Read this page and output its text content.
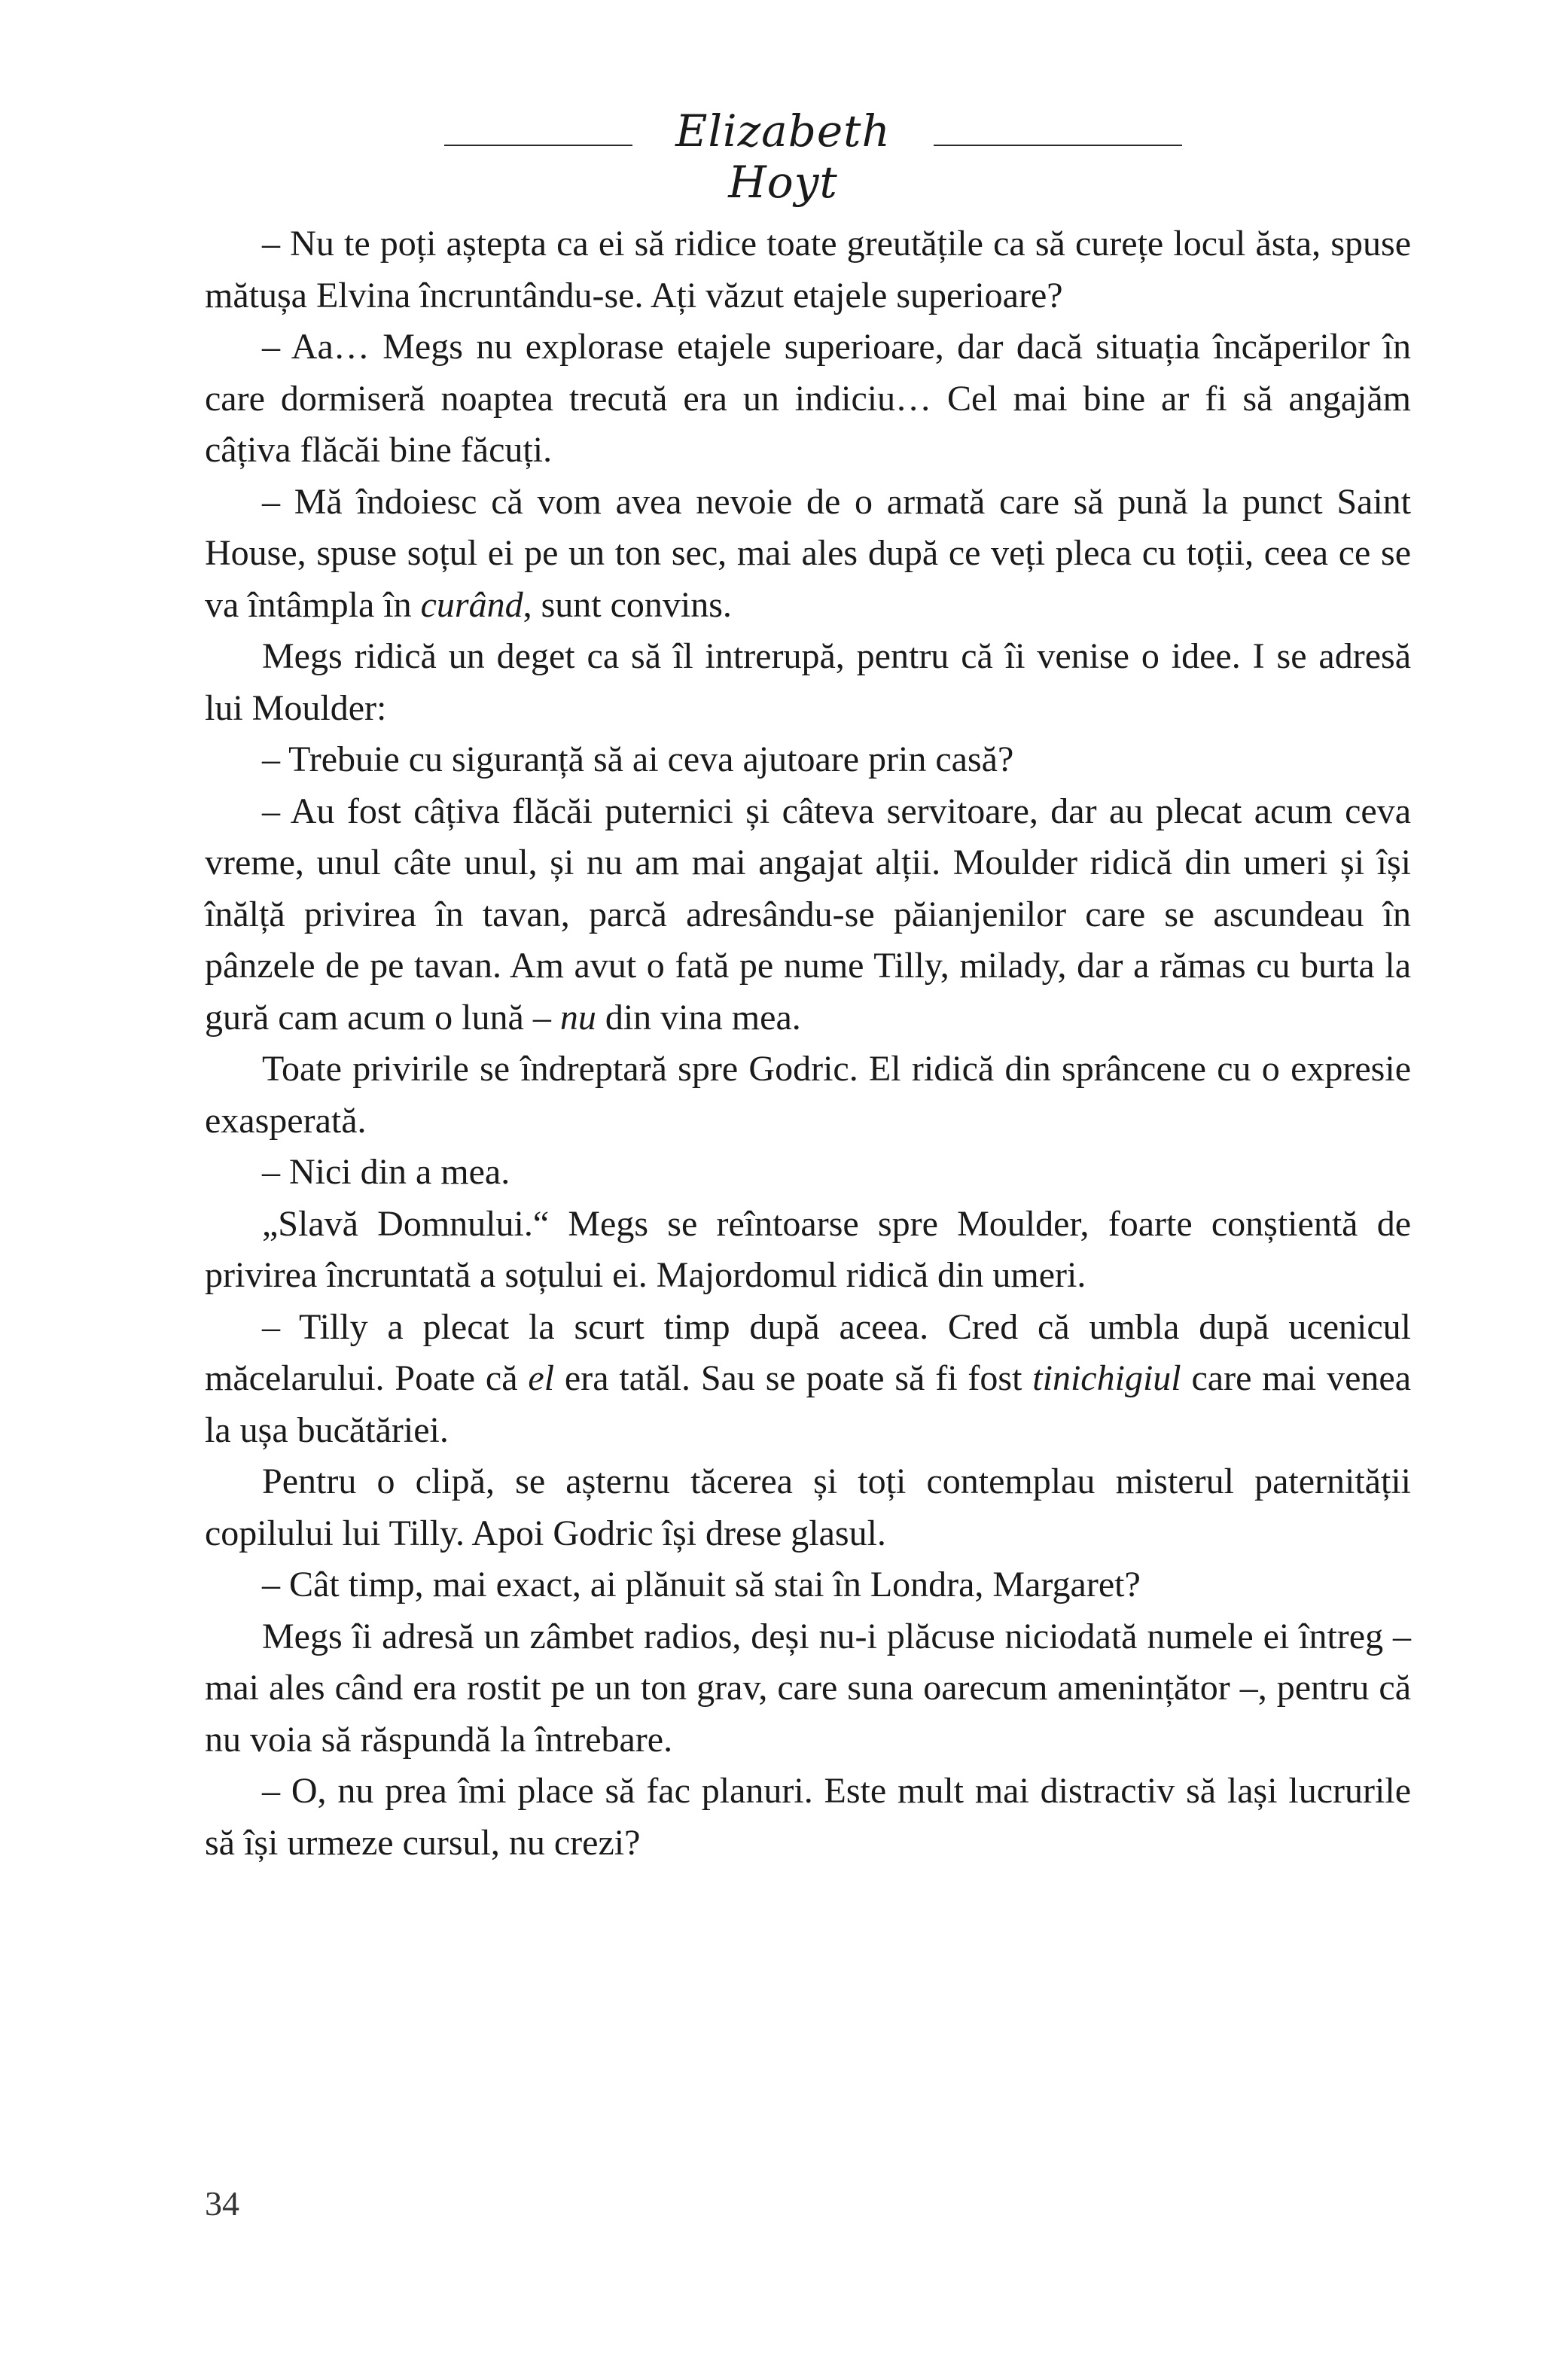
Elizabeth Hoyt

– Nu te poți aștepta ca ei să ridice toate greutățile ca să curețe locul ăsta, spuse mătușa Elvina încruntându-se. Ați văzut etajele superioare?

– Aa… Megs nu explorase etajele superioare, dar dacă situația încăperilor în care dormiseră noaptea trecută era un indiciu… Cel mai bine ar fi să angajăm câțiva flăcăi bine făcuți.

– Mă îndoiesc că vom avea nevoie de o armată care să pună la punct Saint House, spuse soțul ei pe un ton sec, mai ales după ce veți pleca cu toții, ceea ce se va întâmpla în curând, sunt convins.

Megs ridică un deget ca să îl intrerupă, pentru că îi venise o idee. I se adresă lui Moulder:

– Trebuie cu siguranță să ai ceva ajutoare prin casă?

– Au fost câțiva flăcăi puternici și câteva servitoare, dar au plecat acum ceva vreme, unul câte unul, și nu am mai angajat alții. Moulder ridică din umeri și își înălță privirea în tavan, parcă adresându-se păianjenilor care se ascundeau în pânzele de pe tavan. Am avut o fată pe nume Tilly, milady, dar a rămas cu burta la gură cam acum o lună – nu din vina mea.

Toate privirile se îndreptară spre Godric. El ridică din sprâncene cu o expresie exasperată.

– Nici din a mea.

„Slavă Domnului.“ Megs se reîntoarse spre Moulder, foarte conștientă de privirea încruntată a soțului ei. Majordomul ridică din umeri.

– Tilly a plecat la scurt timp după aceea. Cred că umbla după ucenicul măcelarului. Poate că el era tatăl. Sau se poate să fi fost tinichigiul care mai venea la ușa bucătăriei.

Pentru o clipă, se așternu tăcerea și toți contemplau misterul paternității copilului lui Tilly. Apoi Godric își drese glasul.

– Cât timp, mai exact, ai plănuit să stai în Londra, Margaret?

Megs îi adresă un zâmbet radios, deși nu-i plăcuse niciodată numele ei întreg – mai ales când era rostit pe un ton grav, care suna oarecum amenințător –, pentru că nu voia să răspundă la întrebare.

– O, nu prea îmi place să fac planuri. Este mult mai distractiv să lași lucrurile să își urmeze cursul, nu crezi?

34
